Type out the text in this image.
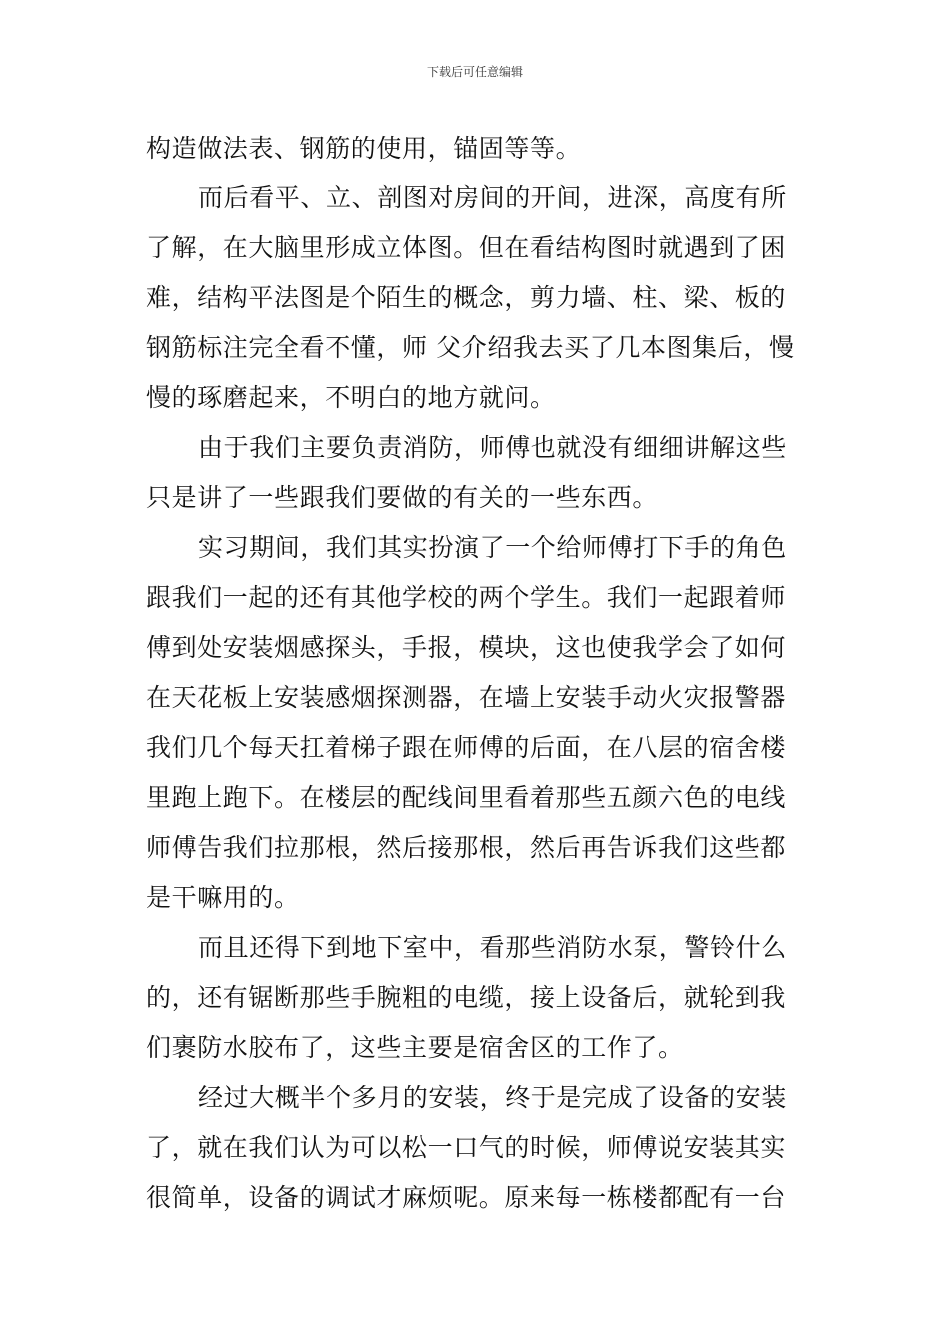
下载后可任意编辑
构造做法表、钢筋的使用，锚固等等。
而后看平、立、剖图对房间的开间，进深，高度有所
了解，在大脑里形成立体图。但在看结构图时就遇到了困
难，结构平法图是个陌生的概念，剪力墙、柱、梁、板的
钢筋标注完全看不懂，师 父介绍我去买了几本图集后，慢
慢的琢磨起来，不明白的地方就问。
由于我们主要负责消防，师傅也就没有细细讲解这些
只是讲了一些跟我们要做的有关的一些东西。
实习期间，我们其实扮演了一个给师傅打下手的角色
跟我们一起的还有其他学校的两个学生。我们一起跟着师
傅到处安装烟感探头，手报，模块，这也使我学会了如何
在天花板上安装感烟探测器，在墙上安装手动火灾报警器
我们几个每天扛着梯子跟在师傅的后面，在八层的宿舍楼
里跑上跑下。在楼层的配线间里看着那些五颜六色的电线
师傅告我们拉那根，然后接那根，然后再告诉我们这些都
是干嘛用的。
而且还得下到地下室中，看那些消防水泵，警铃什么
的，还有锯断那些手腕粗的电缆，接上设备后，就轮到我
们裹防水胶布了，这些主要是宿舍区的工作了。
经过大概半个多月的安装，终于是完成了设备的安装
了，就在我们认为可以松一口气的时候，师傅说安装其实
很简单，设备的调试才麻烦呢。原来每一栋楼都配有一台
